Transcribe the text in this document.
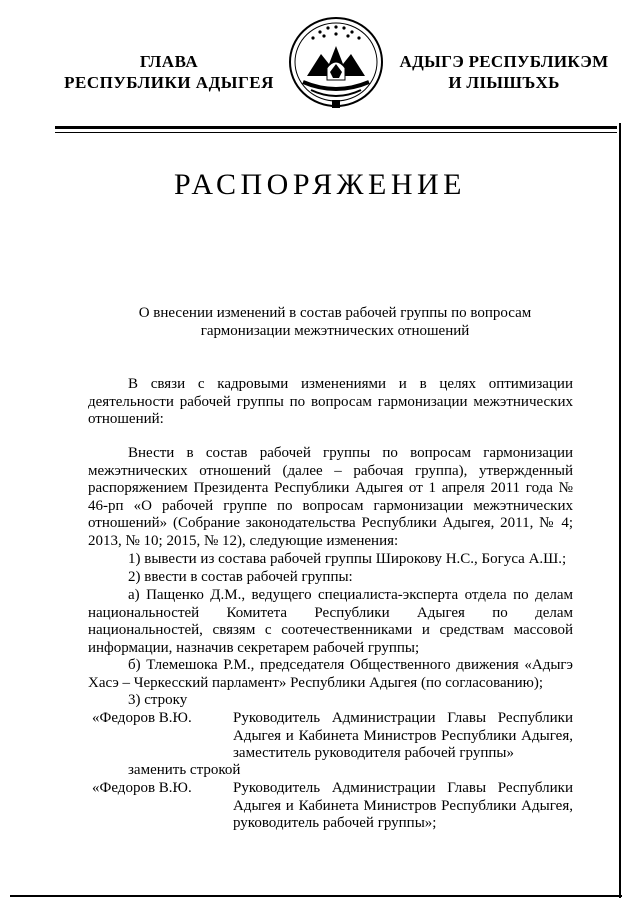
ГЛАВА
РЕСПУБЛИКИ АДЫГЕЯ
АДЫГЭ РЕСПУБЛИКЭМ
И ЛІЫШЪХЬ
РАСПОРЯЖЕНИЕ
О внесении изменений в состав рабочей группы по вопросам
гармонизации межэтнических отношений
В связи с кадровыми изменениями и в целях оптимизации деятельности рабочей группы по вопросам гармонизации межэтнических отношений:
Внести в состав рабочей группы по вопросам гармонизации межэтнических отношений (далее – рабочая группа), утвержденный распоряжением Президента Республики Адыгея от 1 апреля 2011 года № 46-рп «О рабочей группе по вопросам гармонизации межэтнических отношений» (Собрание законодательства Республики Адыгея, 2011, № 4; 2013, № 10; 2015, № 12), следующие изменения:
1) вывести из состава рабочей группы Широкову Н.С., Богуса А.Ш.;
2) ввести в состав рабочей группы:
а) Пащенко Д.М., ведущего специалиста-эксперта отдела по делам национальностей Комитета Республики Адыгея по делам национальностей, связям с соотечественниками и средствам массовой информации, назначив секретарем рабочей группы;
б) Тлемешока Р.М., председателя Общественного движения «Адыгэ Хасэ – Черкесский парламент» Республики Адыгея (по согласованию);
3) строку
«Федоров В.Ю.	Руководитель Администрации Главы Республики Адыгея и Кабинета Министров Республики Адыгея, заместитель руководителя рабочей группы»
заменить строкой
«Федоров В.Ю.	Руководитель Администрации Главы Республики Адыгея и Кабинета Министров Республики Адыгея, руководитель рабочей группы»;
